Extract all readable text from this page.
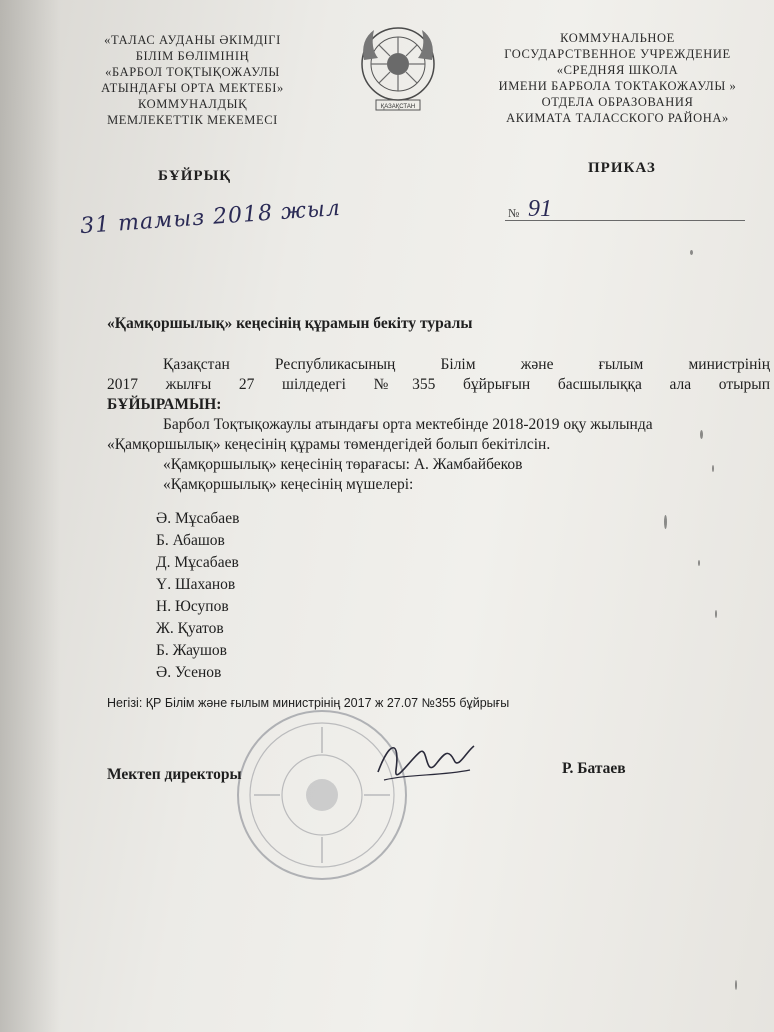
«ТАЛАС АУДАНЫ ӘКІМДІГІ
БІЛІМ БӨЛІМІНІҢ
«БАРБОЛ ТОҚТЫҚОЖАУЛЫ
АТЫНДАҒЫ ОРТА МЕКТЕБІ»
КОММУНАЛДЫҚ
МЕМЛЕКЕТТІК МЕКЕМЕСІ
ҚАЗАҚСТАН
КОММУНАЛЬНОЕ
ГОСУДАРСТВЕННОЕ УЧРЕЖДЕНИЕ
«СРЕДНЯЯ ШКОЛА
ИМЕНИ БАРБОЛА ТОКТАКОЖАУЛЫ »
ОТДЕЛА ОБРАЗОВАНИЯ
АКИМАТА ТАЛАССКОГО РАЙОНА»
БҰЙРЫҚ	ПРИКАЗ
31 тамыз 2018 жыл	№ 91
«Қамқоршылық» кеңесінің құрамын бекіту туралы
Қазақстан Республикасының Білім және ғылым министрінің
2017 жылғы 27 шілдедегі №355 бұйрығын басшылыққа ала отырып
БҰЙЫРАМЫН:
Барбол Тоқтықожаулы атындағы орта мектебінде 2018-2019 оқу жылында
«Қамқоршылық» кеңесінің құрамы төмендегідей болып бекітілсін.
«Қамқоршылық» кеңесінің төрағасы: А. Жамбайбеков
«Қамқоршылық» кеңесінің мүшелері:
Ә. Мұсабаев
Б. Абашов
Д. Мұсабаев
Ү. Шаханов
Н. Юсупов
Ж. Қуатов
Б. Жаушов
Ә. Усенов
Негізі: ҚР Білім және ғылым министрінің 2017 ж 27.07 №355 бұйрығы
Мектеп директоры	Р. Батаев
